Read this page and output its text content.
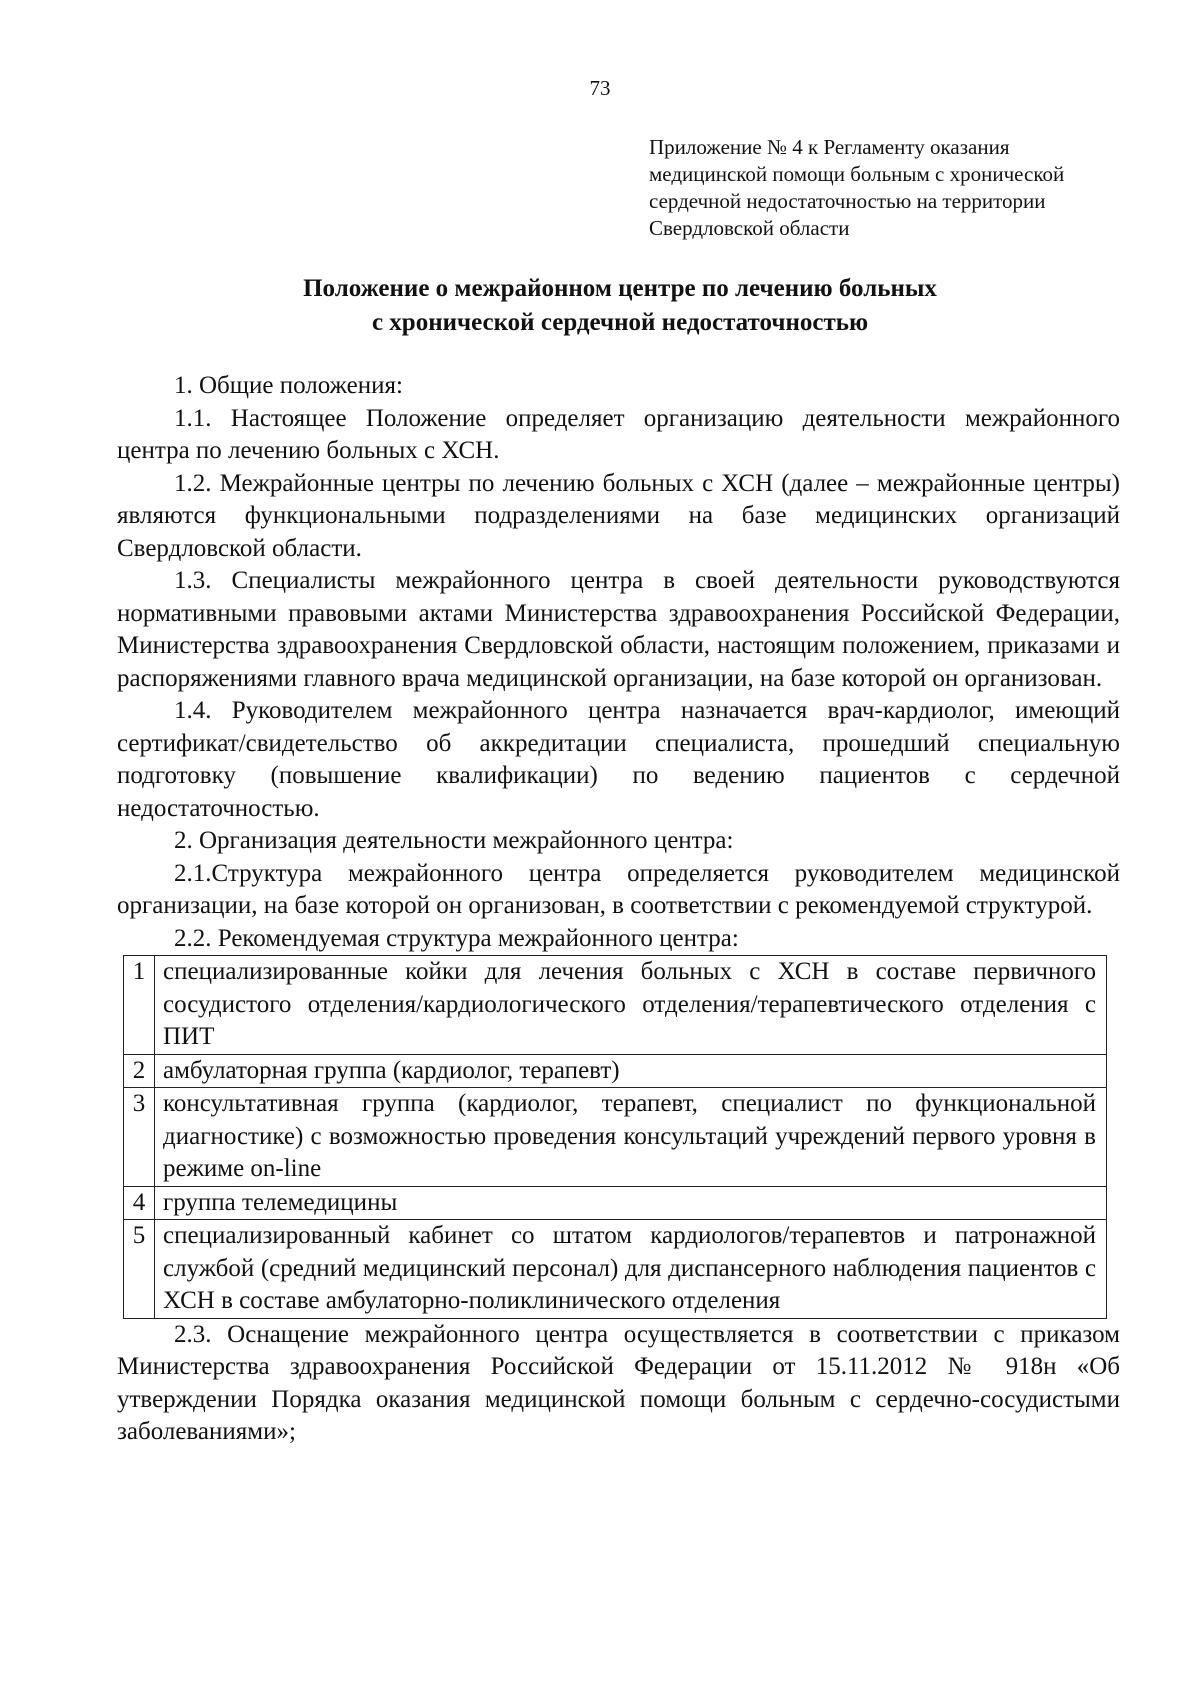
73
Приложение № 4 к Регламенту оказания
медицинской помощи больным с хронической
сердечной недостаточностью на территории
Свердловской области
Положение о межрайонном центре по лечению больных
с хронической сердечной недостаточностью

1. Общие положения:

1.1. Настоящее Положение определяет организацию деятельности межрайонного центра по лечению больных с ХСН.

1.2. Межрайонные центры по лечению больных с ХСН (далее – межрайонные центры) являются функциональными подразделениями на базе медицинских организаций Свердловской области.

1.3. Специалисты межрайонного центра в своей деятельности руководствуются нормативными правовыми актами Министерства здравоохранения Российской Федерации, Министерства здравоохранения Свердловской области, настоящим положением, приказами и распоряжениями главного врача медицинской организации, на базе которой он организован.

1.4. Руководителем межрайонного центра назначается врач-кардиолог, имеющий сертификат/свидетельство об аккредитации специалиста, прошедший специальную подготовку (повышение квалификации) по ведению пациентов с сердечной недостаточностью.

2. Организация деятельности межрайонного центра:

2.1.Структура межрайонного центра определяется руководителем медицинской организации, на базе которой он организован, в соответствии с рекомендуемой структурой.

2.2. Рекомендуемая структура межрайонного центра:

1	специализированные койки для лечения больных с ХСН в составе первичного сосудистого отделения/кардиологического отделения/терапевтического отделения с ПИТ
2	амбулаторная группа (кардиолог, терапевт)
3	консультативная группа (кардиолог, терапевт, специалист по функциональной диагностике) с возможностью проведения консультаций учреждений первого уровня в режиме on-line
4	группа телемедицины
5	специализированный кабинет со штатом кардиологов/терапевтов и патронажной службой (средний медицинский персонал) для диспансерного наблюдения пациентов с ХСН в составе амбулаторно-поликлинического отделения

2.3. Оснащение межрайонного центра осуществляется в соответствии с приказом Министерства здравоохранения Российской Федерации от 15.11.2012 № 918н «Об утверждении Порядка оказания медицинской помощи больным с сердечно-сосудистыми заболеваниями»;
